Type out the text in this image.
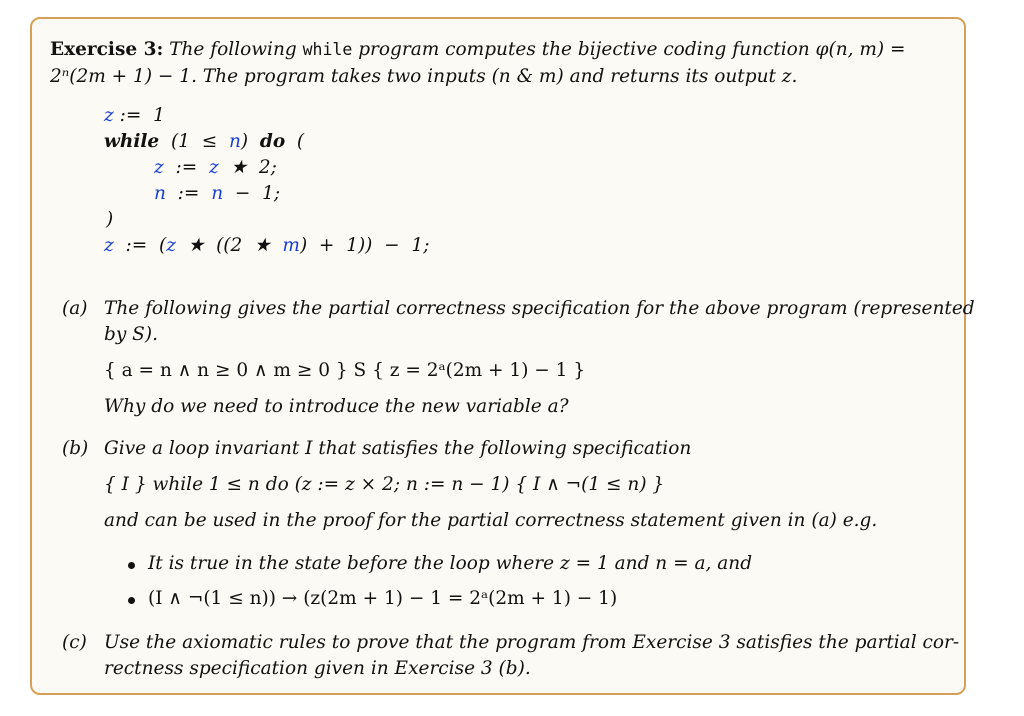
Exercise 3: The following while program computes the bijective coding function φ(n, m) =
2ⁿ(2m + 1) − 1. The program takes two inputs (n & m) and returns its output z.
z :=  1
while  (1  ≤  n)  do  (
z  :=  z  ★  2;
n  :=  n  −  1;
)
z  :=  (z  ★  ((2  ★  m)  +  1))  −  1;
(a) The following gives the partial correctness specification for the above program (represented
by S).
{ a = n ∧ n ≥ 0 ∧ m ≥ 0 } S { z = 2ᵃ(2m + 1) − 1 }
Why do we need to introduce the new variable a?
(b) Give a loop invariant I that satisfies the following specification
{ I } while 1 ≤ n do (z := z × 2; n := n − 1) { I ∧ ¬(1 ≤ n) }
and can be used in the proof for the partial correctness statement given in (a) e.g.
It is true in the state before the loop where z = 1 and n = a, and
(I ∧ ¬(1 ≤ n)) → (z(2m + 1) − 1 = 2ᵃ(2m + 1) − 1)
(c) Use the axiomatic rules to prove that the program from Exercise 3 satisfies the partial cor-
rectness specification given in Exercise 3 (b).
